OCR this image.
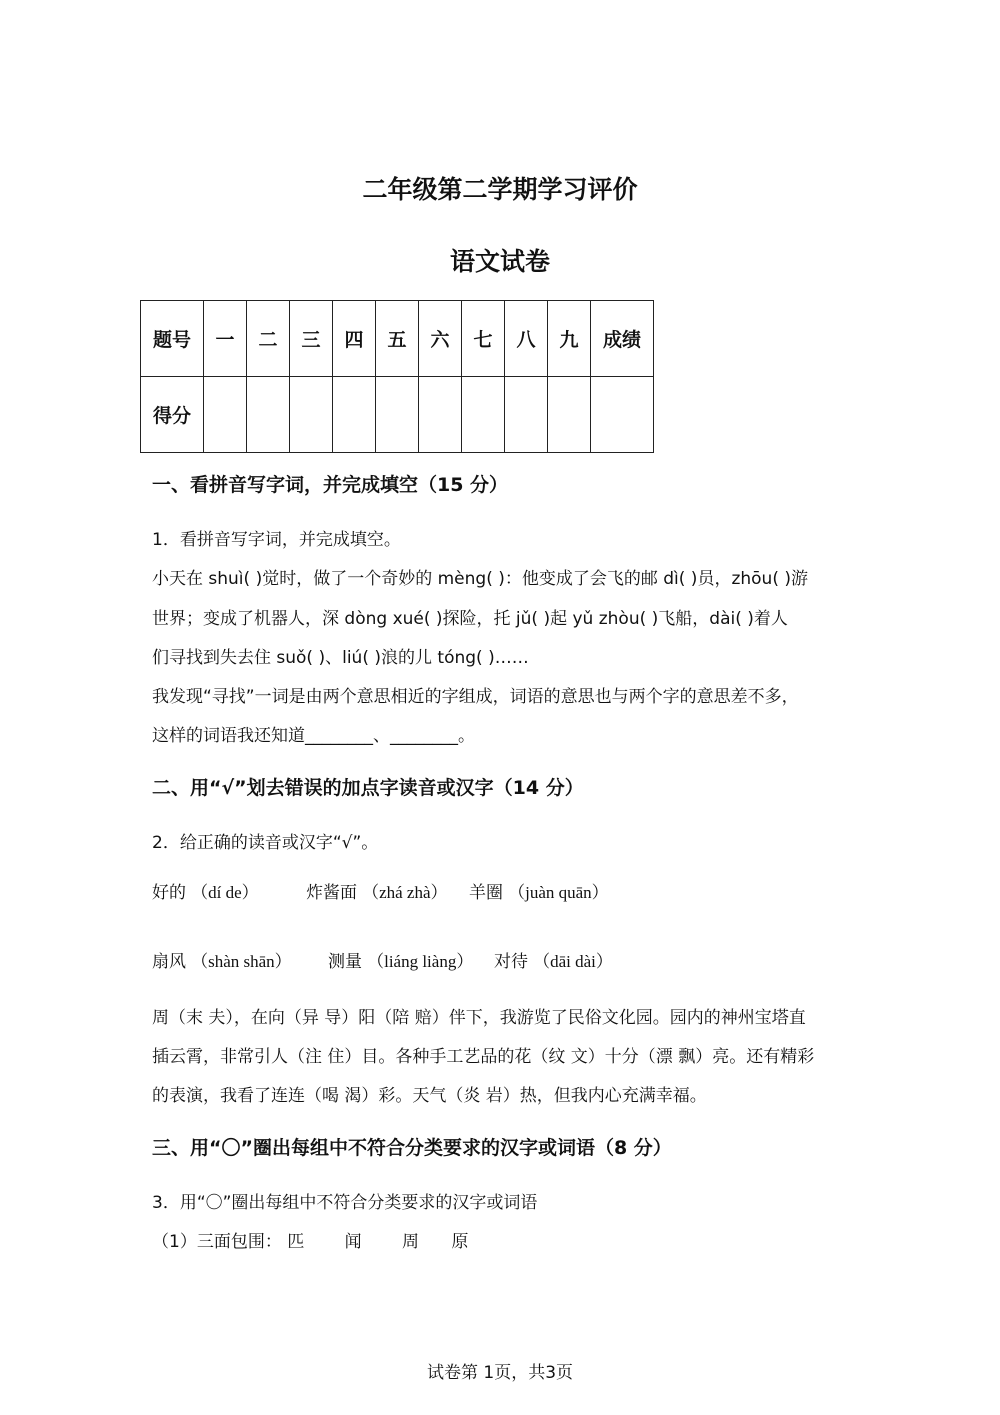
二年级第二学期学习评价
语文试卷
题号	一	二	三	四	五	六	七	八	九	成绩
得分										
一、看拼音写字词，并完成填空（15 分）
1．看拼音写字词，并完成填空。
小天在 shuì( )觉时，做了一个奇妙的 mèng( )：他变成了会飞的邮 dì( )员，zhōu( )游
世界；变成了机器人，深 dòng xué( )探险，托 jǔ( )起 yǔ zhòu( )飞船，dài( )着人
们寻找到失去住 suǒ( )、liú( )浪的儿 tóng( )……
我发现“寻找”一词是由两个意思相近的字组成，词语的意思也与两个字的意思差不多，
这样的词语我还知道________、________。
二、用“√”划去错误的加点字读音或汉字（14 分）
2．给正确的读音或汉字“√”。
好的 （dí de）	炸酱面 （zhá zhà） 羊圈 （juàn quān）
扇风 （shàn shān） 测量 （liáng liàng） 对待 （dāi dài）
周（末 夫），在向（异 导）阳（陪 赔）伴下，我游览了民俗文化园。园内的神州宝塔直
插云霄，非常引人（注 住）目。各种手工艺品的花（纹 文）十分（漂 飘）亮。还有精彩
的表演，我看了连连（喝 渴）彩。天气（炎 岩）热，但我内心充满幸福。
三、用“〇”圈出每组中不符合分类要求的汉字或词语（8 分）
3．用“〇”圈出每组中不符合分类要求的汉字或词语
（1）三面包围： 匹 闻 周 原
试卷第 1页，共3页
